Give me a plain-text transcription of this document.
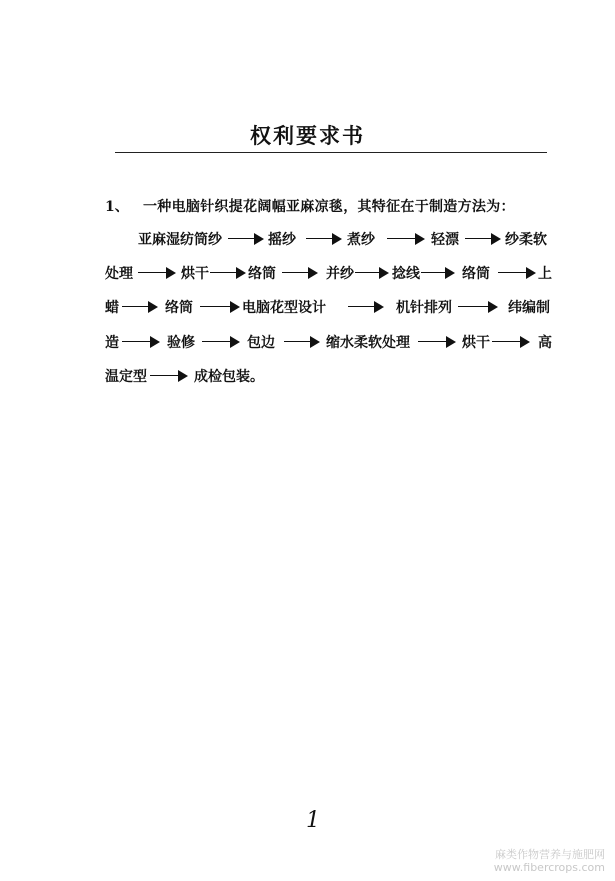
权利要求书
1、 一种电脑针织提花阔幅亚麻凉毯，其特征在于制造方法为：
亚麻湿纺筒纱	摇纱	煮纱	轻漂	纱柔软
处理	烘干	络筒	并纱	捻线	络筒	上
蜡	络筒	电脑花型设计	机针排列	纬编制
造	验修	包边	缩水柔软处理	烘干	高
温定型	成检包装。
1
麻类作物营养与施肥网
www.fibercrops.com
